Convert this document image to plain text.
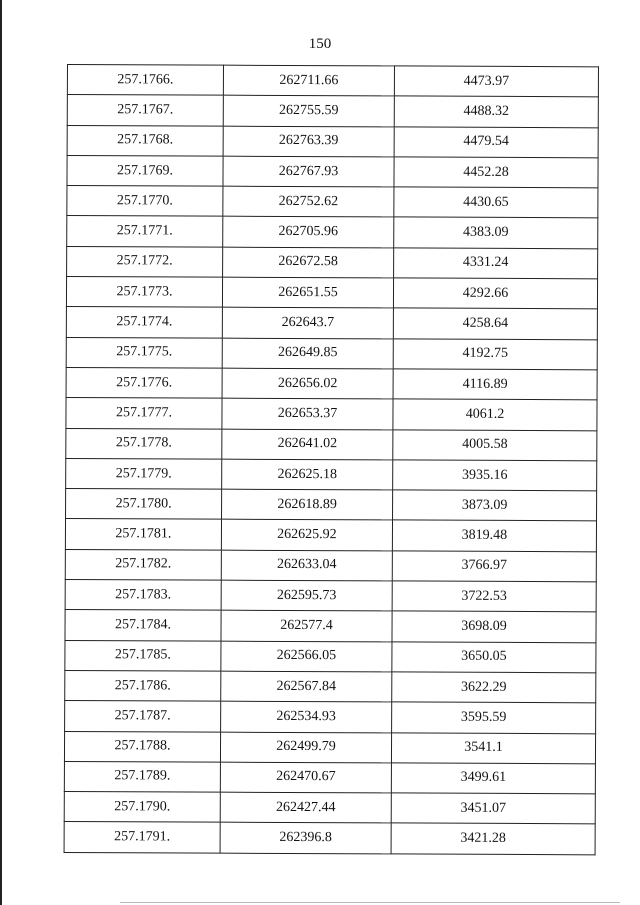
150
257.1766.	262711.66	4473.97
257.1767.	262755.59	4488.32
257.1768.	262763.39	4479.54
257.1769.	262767.93	4452.28
257.1770.	262752.62	4430.65
257.1771.	262705.96	4383.09
257.1772.	262672.58	4331.24
257.1773.	262651.55	4292.66
257.1774.	262643.7	4258.64
257.1775.	262649.85	4192.75
257.1776.	262656.02	4116.89
257.1777.	262653.37	4061.2
257.1778.	262641.02	4005.58
257.1779.	262625.18	3935.16
257.1780.	262618.89	3873.09
257.1781.	262625.92	3819.48
257.1782.	262633.04	3766.97
257.1783.	262595.73	3722.53
257.1784.	262577.4	3698.09
257.1785.	262566.05	3650.05
257.1786.	262567.84	3622.29
257.1787.	262534.93	3595.59
257.1788.	262499.79	3541.1
257.1789.	262470.67	3499.61
257.1790.	262427.44	3451.07
257.1791.	262396.8	3421.28
